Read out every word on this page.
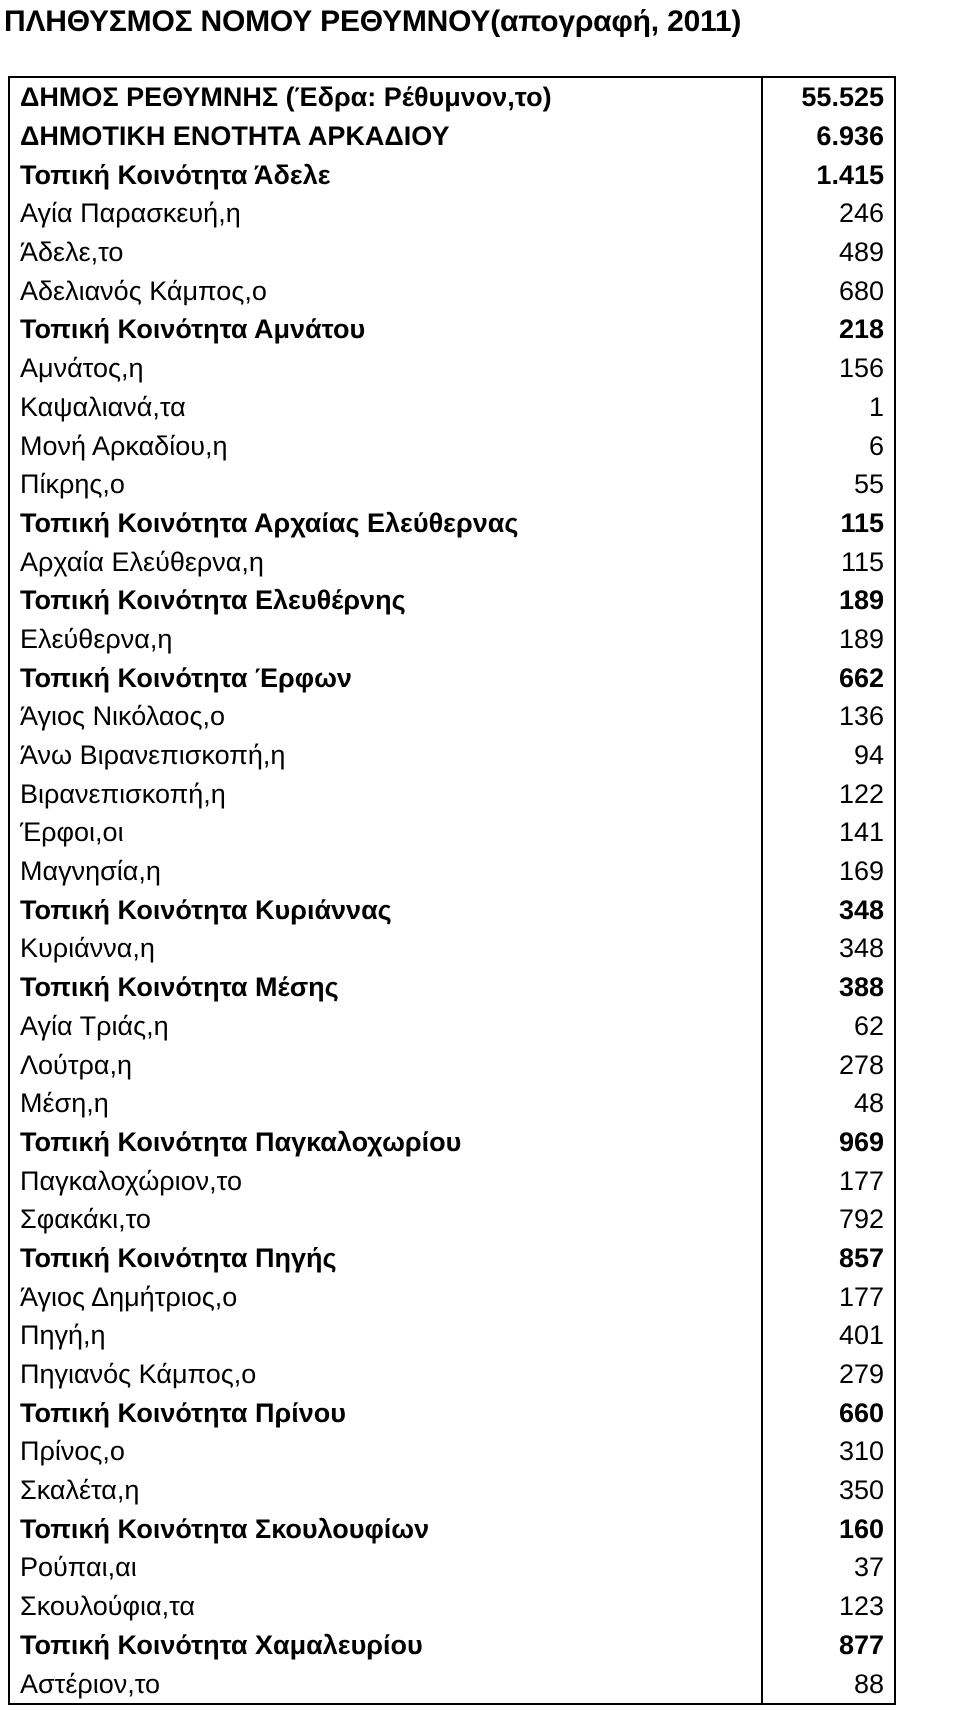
ΠΛΗΘΥΣΜΟΣ ΝΟΜΟΥ ΡΕΘΥΜΝΟΥ(απογραφή, 2011)
ΔΗΜΟΣ ΡΕΘΥΜΝΗΣ (Έδρα: Ρέθυμνον,το)	55.525
ΔΗΜΟΤΙΚΗ ΕΝΟΤΗΤΑ ΑΡΚΑΔΙΟΥ	6.936
Τοπική Κοινότητα Άδελε	1.415
Αγία Παρασκευή,η	246
Άδελε,το	489
Αδελιανός Κάμπος,ο	680
Τοπική Κοινότητα Αμνάτου	218
Αμνάτος,η	156
Καψαλιανά,τα	1
Μονή Αρκαδίου,η	6
Πίκρης,ο	55
Τοπική Κοινότητα Αρχαίας Ελεύθερνας	115
Αρχαία Ελεύθερνα,η	115
Τοπική Κοινότητα Ελευθέρνης	189
Ελεύθερνα,η	189
Τοπική Κοινότητα Έρφων	662
Άγιος Νικόλαος,ο	136
Άνω Βιρανεπισκοπή,η	94
Βιρανεπισκοπή,η	122
Έρφοι,οι	141
Μαγνησία,η	169
Τοπική Κοινότητα Κυριάννας	348
Κυριάννα,η	348
Τοπική Κοινότητα Μέσης	388
Αγία Τριάς,η	62
Λούτρα,η	278
Μέση,η	48
Τοπική Κοινότητα Παγκαλοχωρίου	969
Παγκαλοχώριον,το	177
Σφακάκι,το	792
Τοπική Κοινότητα Πηγής	857
Άγιος Δημήτριος,ο	177
Πηγή,η	401
Πηγιανός Κάμπος,ο	279
Τοπική Κοινότητα Πρίνου	660
Πρίνος,ο	310
Σκαλέτα,η	350
Τοπική Κοινότητα Σκουλουφίων	160
Ρούπαι,αι	37
Σκουλούφια,τα	123
Τοπική Κοινότητα Χαμαλευρίου	877
Αστέριον,το	88
